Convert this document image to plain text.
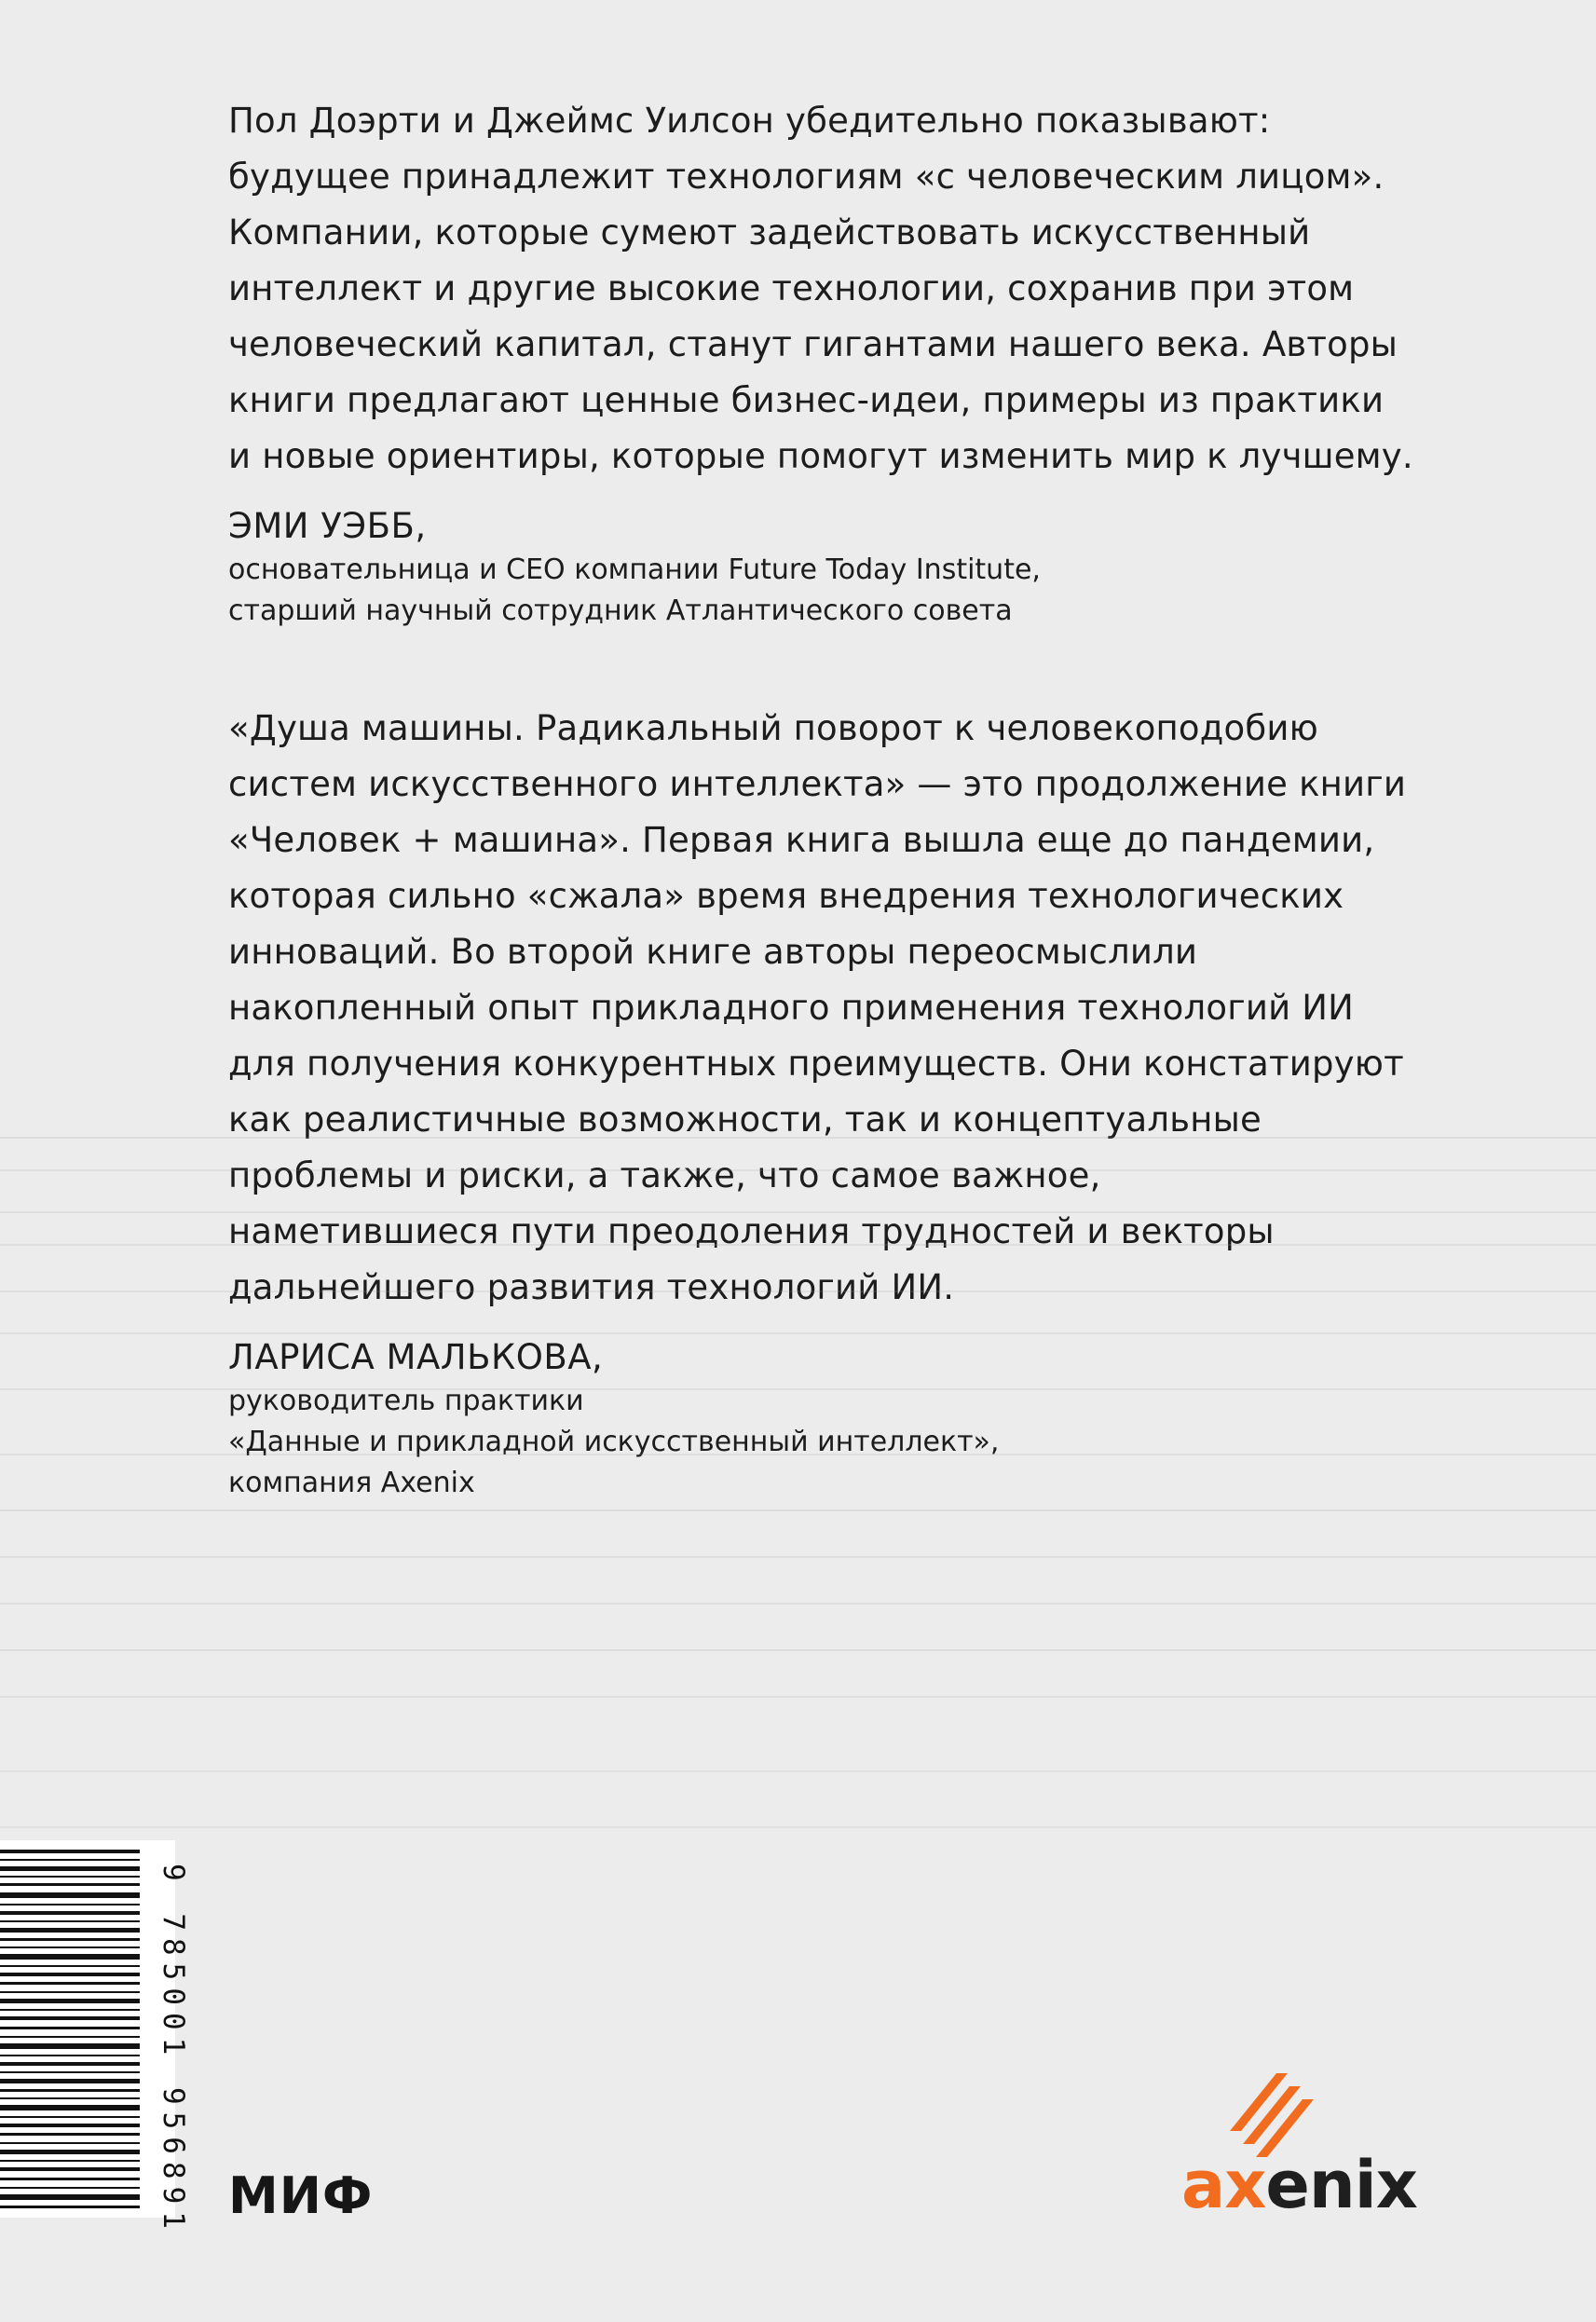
Пол Доэрти и Джеймс Уилсон убедительно показывают:
будущее принадлежит технологиям «с человеческим лицом».
Компании, которые сумеют задействовать искусственный
интеллект и другие высокие технологии, сохранив при этом
человеческий капитал, станут гигантами нашего века. Авторы
книги предлагают ценные бизнес-идеи, примеры из практики
и новые ориентиры, которые помогут изменить мир к лучшему.

ЭМИ УЭББ,

основательница и CEO компании Future Today Institute,
старший научный сотрудник Атлантического совета

«Душа машины. Радикальный поворот к человекоподобию
систем искусственного интеллекта» — это продолжение книги
«Человек + машина». Первая книга вышла еще до пандемии,
которая сильно «сжала» время внедрения технологических
инноваций. Во второй книге авторы переосмыслили
накопленный опыт прикладного применения технологий ИИ
для получения конкурентных преимуществ. Они констатируют
как реалистичные возможности, так и концептуальные
проблемы и риски, а также, что самое важное,
наметившиеся пути преодоления трудностей и векторы
дальнейшего развития технологий ИИ.

ЛАРИСА МАЛЬКОВА,

руководитель практики
«Данные и прикладной искусственный интеллект»,
компания Axenix

9 785001 956891 МИФ	axenix
